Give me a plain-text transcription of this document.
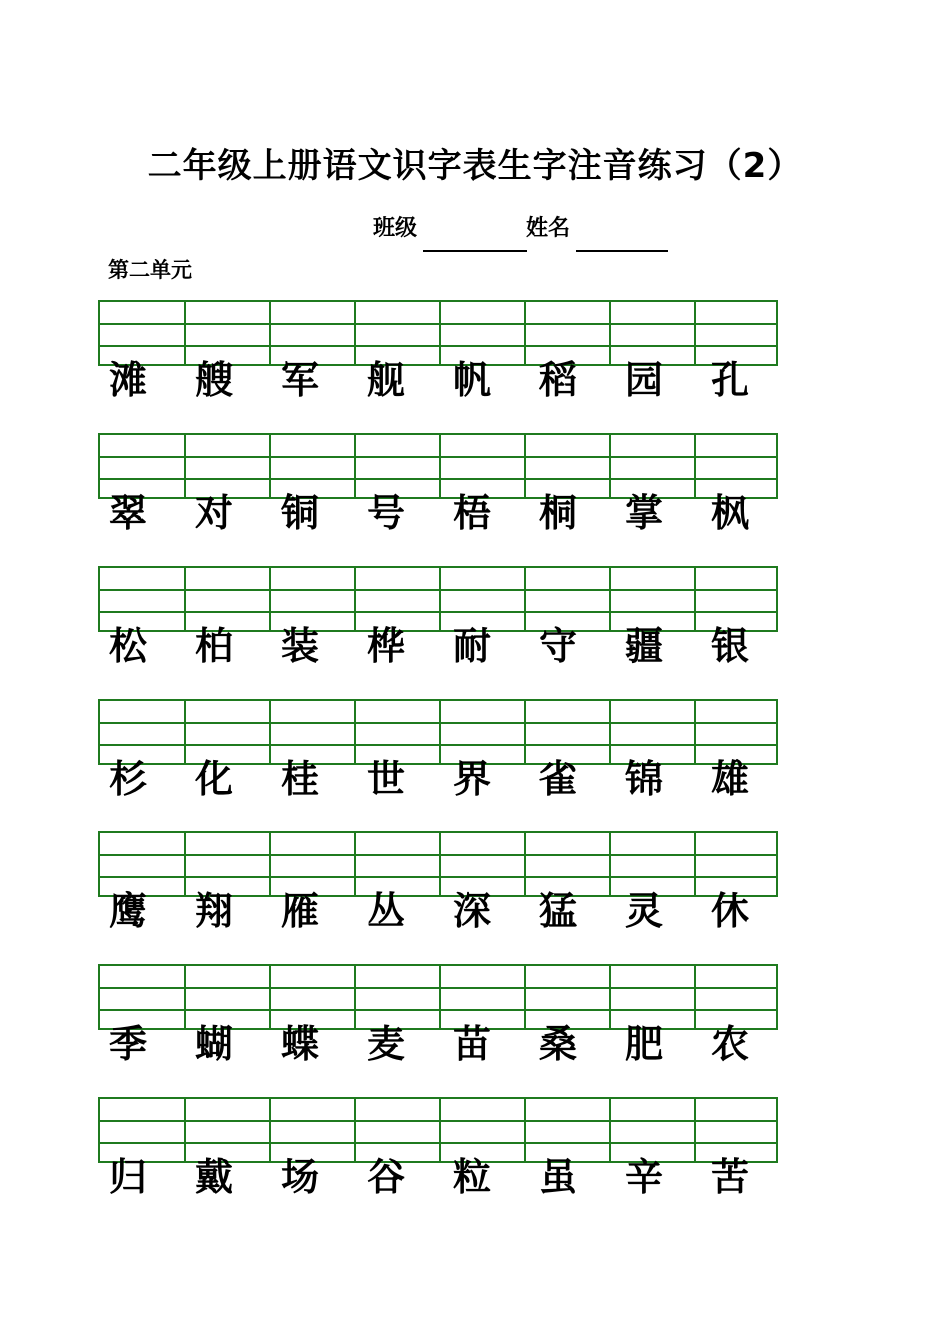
二年级上册语文识字表生字注音练习（2）
班级	姓名
第二单元
滩 艘 军 舰 帆 稻 园 孔
翠 对 铜 号 梧 桐 掌 枫
松 柏 装 桦 耐 守 疆 银
杉 化 桂 世 界 雀 锦 雄
鹰 翔 雁 丛 深 猛 灵 休
季 蝴 蝶 麦 苗 桑 肥 农
归 戴 场 谷 粒 虽 辛 苦
